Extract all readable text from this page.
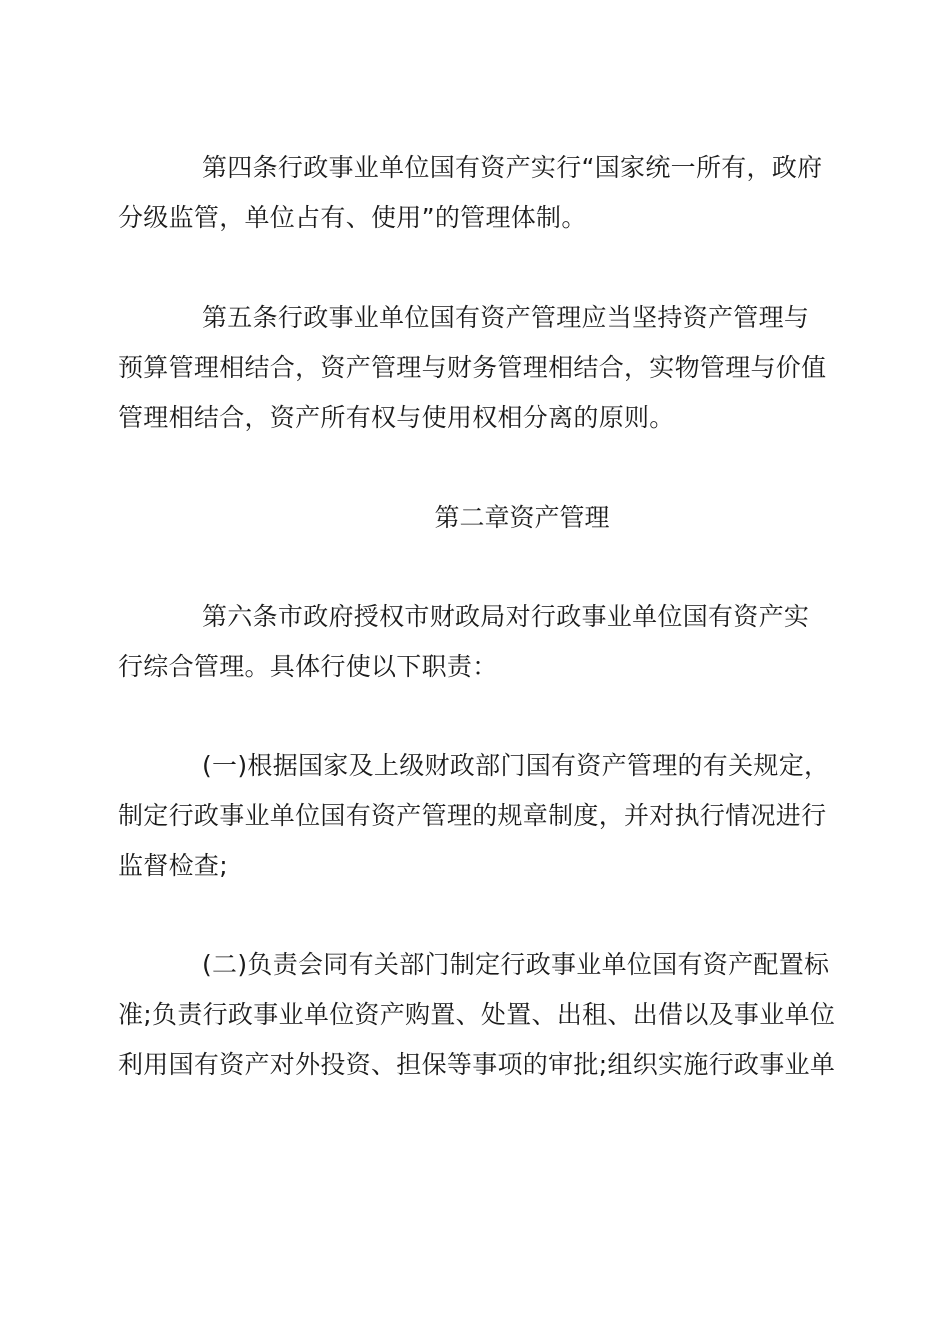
第四条行政事业单位国有资产实行“国家统一所有，政府
分级监管，单位占有、使用”的管理体制。

第五条行政事业单位国有资产管理应当坚持资产管理与
预算管理相结合，资产管理与财务管理相结合，实物管理与价值
管理相结合，资产所有权与使用权相分离的原则。

第二章资产管理

第六条市政府授权市财政局对行政事业单位国有资产实
行综合管理。具体行使以下职责：

(一)根据国家及上级财政部门国有资产管理的有关规定，
制定行政事业单位国有资产管理的规章制度，并对执行情况进行
监督检查;

(二)负责会同有关部门制定行政事业单位国有资产配置标
准;负责行政事业单位资产购置、处置、出租、出借以及事业单位
利用国有资产对外投资、担保等事项的审批;组织实施行政事业单
